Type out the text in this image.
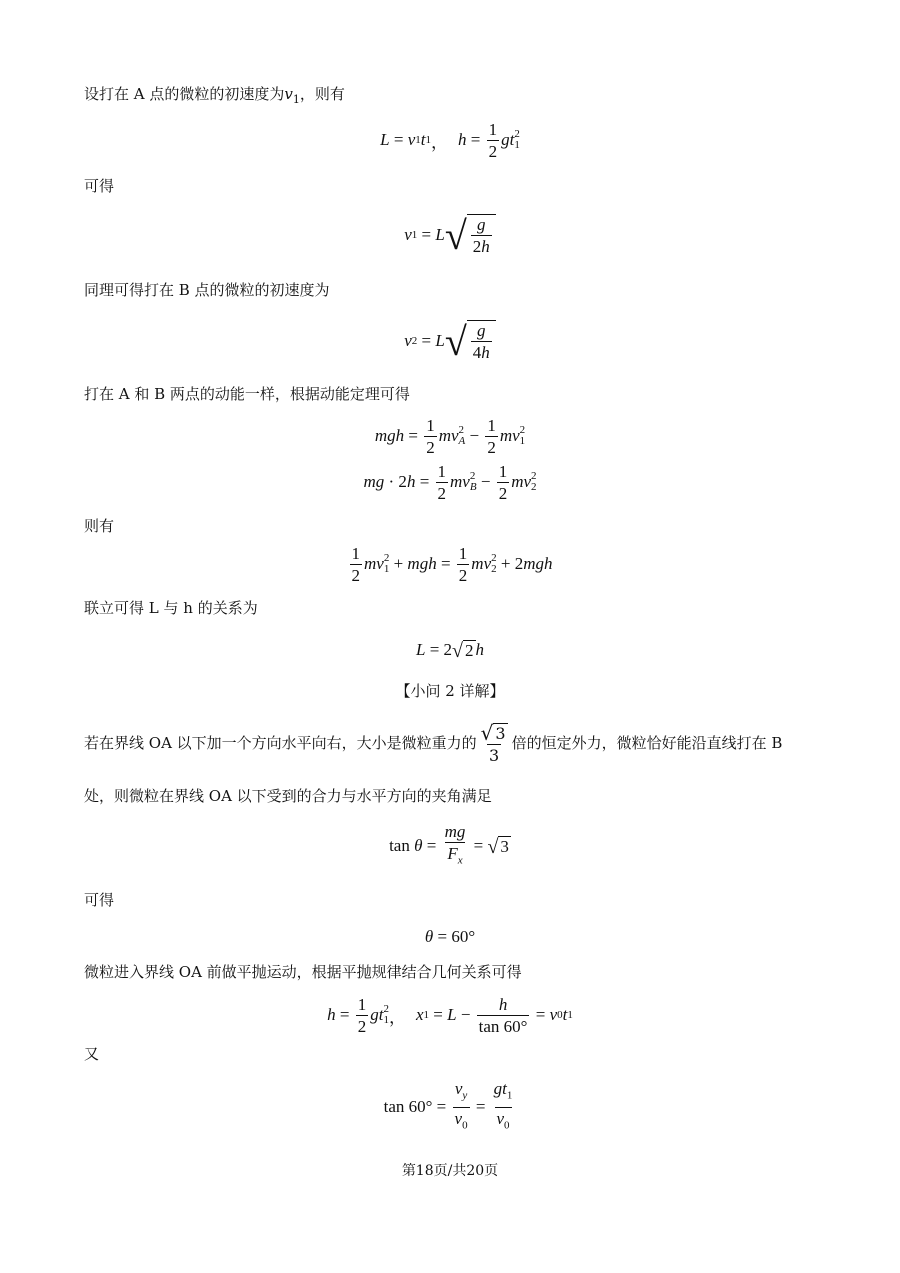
设打在 A 点的微粒的初速度为$v_1$，则有
L = v 1 t 1 ， $h = \frac{1}{2}$ gt 2
1
可得
v 1 = L √ $\frac{g}{2h}$
同理可得打在 B 点的微粒的初速度为
v 2 = L √ $\frac{g}{4h}$
打在 A 和 B 两点的动能一样，根据动能定理可得
mgh = $\frac{1}{2}$ mv 2
$A - \frac{1}{2}$ mv 2
1
mg · 2 $h = \frac{1}{2}$ mv 2
$B - \frac{1}{2}$ mv 2
2
则有
$\frac{1}{2}$ mv 2
1 + mgh = $\frac{1}{2}$ mv 2
2 + 2 mgh
联立可得 L 与 h 的关系为
L = 2 √ 2 h
【小问 2 详解】
若在界线 OA 以下加一个方向水平向右，大小是微粒重力的 $\frac{√ 3}{3}$ 倍的恒定外力，微粒恰好能沿直线打在 B
处，则微粒在界线 OA 以下受到的合力与水平方向的夹角满足
$\tan \theta = \frac{mg}{F_x}$ = √ 3
可得
θ = 60°
微粒进入界线 OA 前做平抛运动，根据平抛规律结合几何关系可得
$h = \frac{1}{2}$ gt 2
1 ， x $1 = L - \frac{h}{\tan 60^\circ} = v$ 0 t 1
又
$\tan 60^\circ = \frac{v_y}{v_0} = \frac{gt_1}{v_0}$
第18页/共20页
